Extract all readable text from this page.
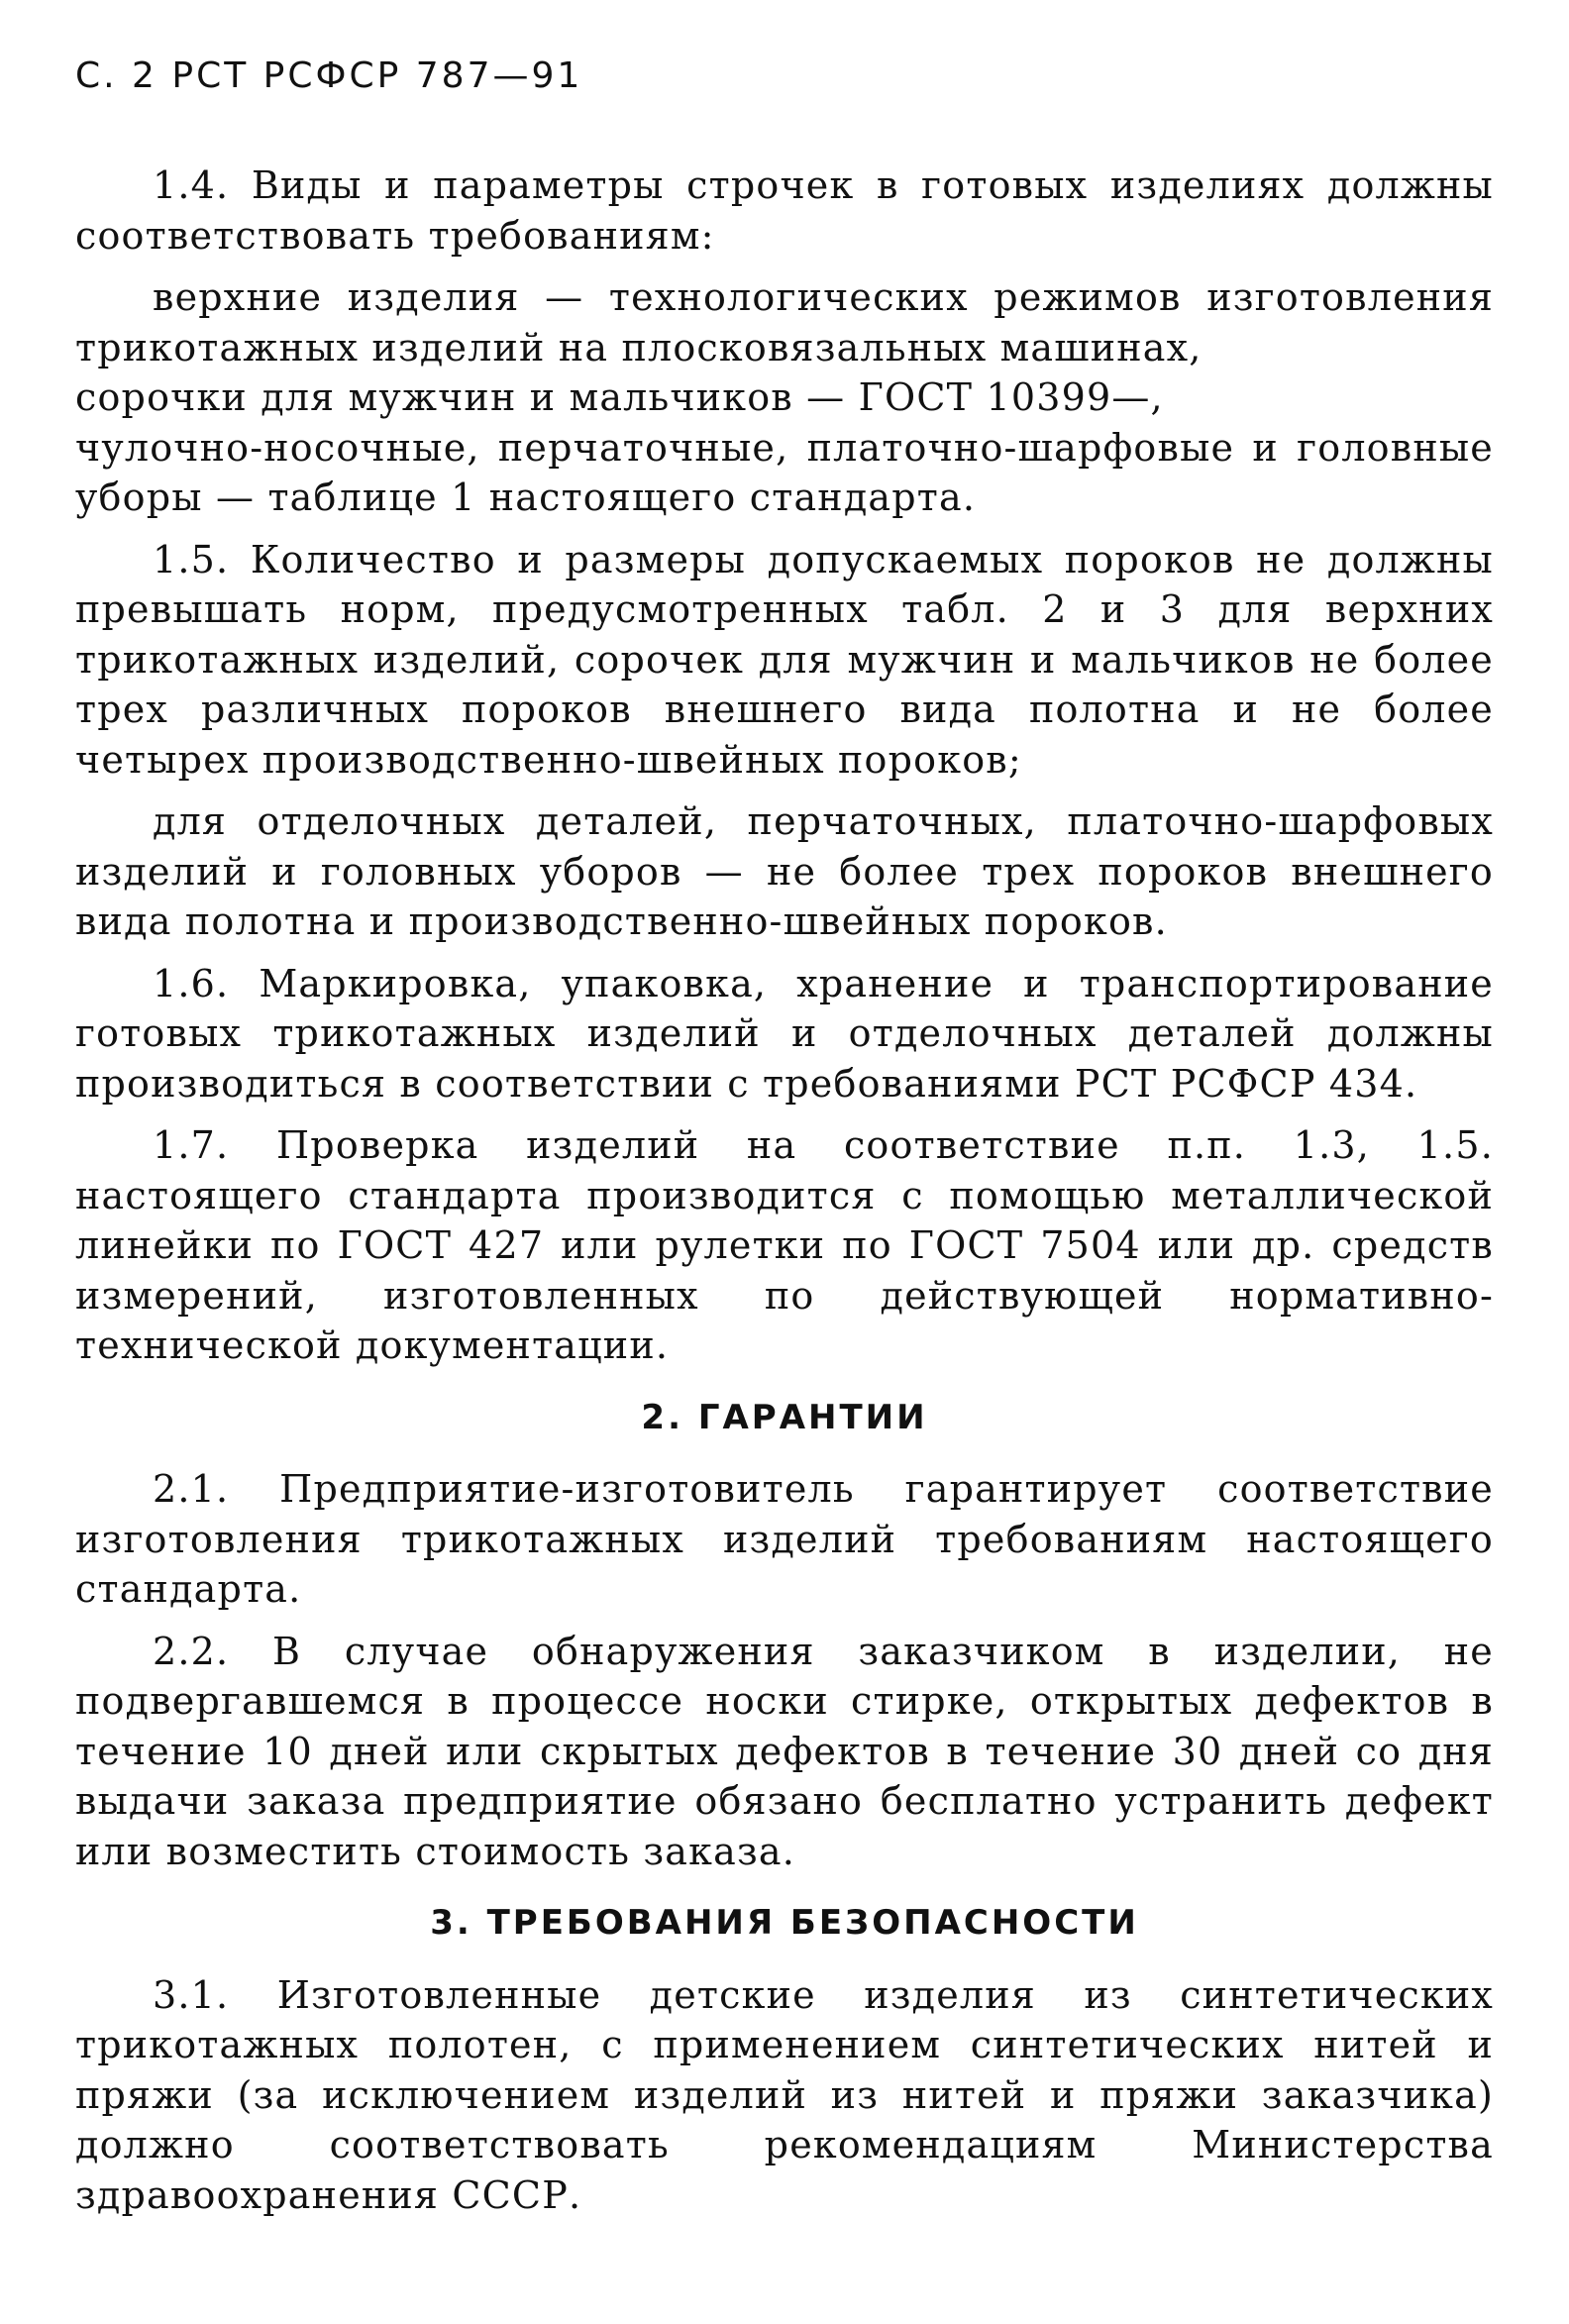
С. 2 РСТ РСФСР 787—91

1.4. Виды и параметры строчек в готовых изделиях должны соответствовать требованиям:

верхние изделия — технологических режимов изготовления трикотажных изделий на плосковязальных машинах,

сорочки для мужчин и мальчиков — ГОСТ 10399—,

чулочно-носочные, перчаточные, платочно-шарфовые и головные уборы — таблице 1 настоящего стандарта.

1.5. Количество и размеры допускаемых пороков не должны превышать норм, предусмотренных табл. 2 и 3 для верхних трикотажных изделий, сорочек для мужчин и мальчиков не более трех различных пороков внешнего вида полотна и не более четырех производственно-швейных пороков;

для отделочных деталей, перчаточных, платочно-шарфовых изделий и головных уборов — не более трех пороков внешнего вида полотна и производственно-швейных пороков.

1.6. Маркировка, упаковка, хранение и транспортирование готовых трикотажных изделий и отделочных деталей должны производиться в соответствии с требованиями РСТ РСФСР 434.

1.7. Проверка изделий на соответствие п.п. 1.3, 1.5. настоящего стандарта производится с помощью металлической линейки по ГОСТ 427 или рулетки по ГОСТ 7504 или др. средств измерений, изготовленных по действующей нормативно-технической документации.

2. ГАРАНТИИ

2.1. Предприятие-изготовитель гарантирует соответствие изготовления трикотажных изделий требованиям настоящего стандарта.

2.2. В случае обнаружения заказчиком в изделии, не подвергавшемся в процессе носки стирке, открытых дефектов в течение 10 дней или скрытых дефектов в течение 30 дней со дня выдачи заказа предприятие обязано бесплатно устранить дефект или возместить стоимость заказа.

3. ТРЕБОВАНИЯ БЕЗОПАСНОСТИ

3.1. Изготовленные детские изделия из синтетических трикотажных полотен, с применением синтетических нитей и пряжи (за исключением изделий из нитей и пряжи заказчика) должно соответствовать рекомендациям Министерства здравоохранения СССР.
